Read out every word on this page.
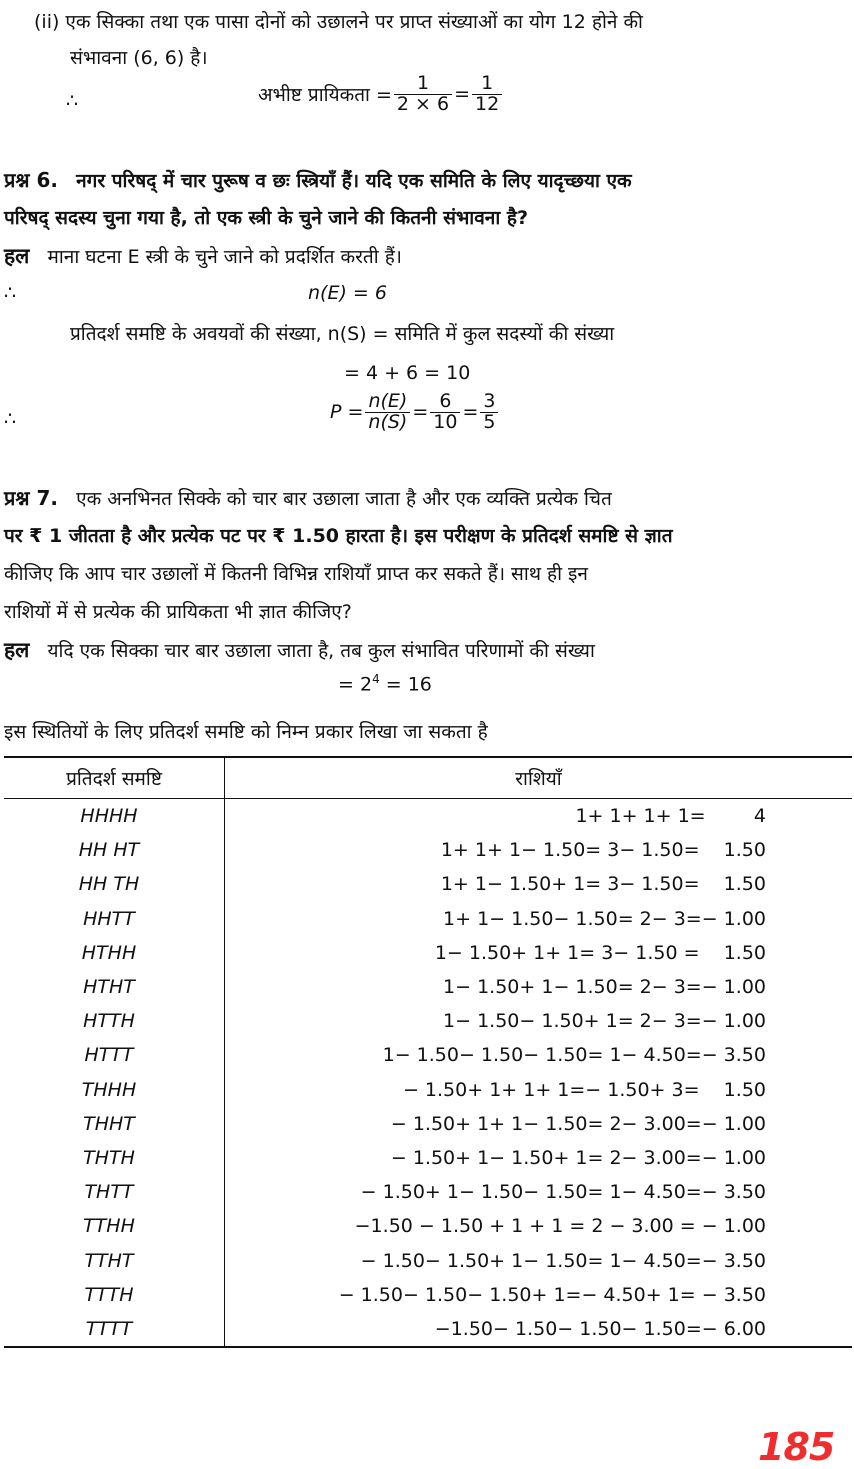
(ii) एक सिक्का तथा एक पासा दोनों को उछालने पर प्राप्त संख्याओं का योग 12 होने की
संभावना (6, 6) है।
∴	अभीष्ट प्रायिकता = $\frac{1}{2 \times 6} = \frac{1}{12}$
प्रश्न 6. नगर परिषद् में चार पुरूष व छः स्त्रियाँ हैं। यदि एक समिति के लिए यादृच्छया एक
परिषद् सदस्य चुना गया है, तो एक स्त्री के चुने जाने की कितनी संभावना है?
हल माना घटना E स्त्री के चुने जाने को प्रदर्शित करती हैं।
∴	n(E) = 6
प्रतिदर्श समष्टि के अवयवों की संख्या, n(S) = समिति में कुल सदस्यों की संख्या
= 4 + 6 = 10
∴	$P = \frac{n(E)}{n(S)} = \frac{6}{10} = \frac{3}{5}$
प्रश्न 7. एक अनभिनत सिक्के को चार बार उछाला जाता है और एक व्यक्ति प्रत्येक चित
पर ₹ 1 जीतता है और प्रत्येक पट पर ₹ 1.50 हारता है। इस परीक्षण के प्रतिदर्श समष्टि से ज्ञात
कीजिए कि आप चार उछालों में कितनी विभिन्न राशियाँ प्राप्त कर सकते हैं। साथ ही इन
राशियों में से प्रत्येक की प्रायिकता भी ज्ञात कीजिए?
हल यदि एक सिक्का चार बार उछाला जाता है, तब कुल संभावित परिणामों की संख्या
= $2^4 = 16$
इस स्थितियों के लिए प्रतिदर्श समष्टि को निम्न प्रकार लिखा जा सकता है
प्रतिदर्श समष्टि	राशियाँ
HHHH	1+ 1+ 1+ 1=        4
HH HT	1+ 1+ 1− 1.50= 3− 1.50=    1.50
HH TH	1+ 1− 1.50+ 1= 3− 1.50=    1.50
HHTT	1+ 1− 1.50− 1.50= 2− 3=− 1.00
HTHH	1− 1.50+ 1+ 1= 3− 1.50 =    1.50
HTHT	1− 1.50+ 1− 1.50= 2− 3=− 1.00
HTTH	1− 1.50− 1.50+ 1= 2− 3=− 1.00
HTTT	1− 1.50− 1.50− 1.50= 1− 4.50=− 3.50
THHH	− 1.50+ 1+ 1+ 1=− 1.50+ 3=    1.50
THHT	− 1.50+ 1+ 1− 1.50= 2− 3.00=− 1.00
THTH	− 1.50+ 1− 1.50+ 1= 2− 3.00=− 1.00
THTT	− 1.50+ 1− 1.50− 1.50= 1− 4.50=− 3.50
TTHH	−1.50 − 1.50 + 1 + 1 = 2 − 3.00 = − 1.00
TTHT	− 1.50− 1.50+ 1− 1.50= 1− 4.50=− 3.50
TTTH	− 1.50− 1.50− 1.50+ 1=− 4.50+ 1= − 3.50
TTTT	−1.50− 1.50− 1.50− 1.50=− 6.00
185
